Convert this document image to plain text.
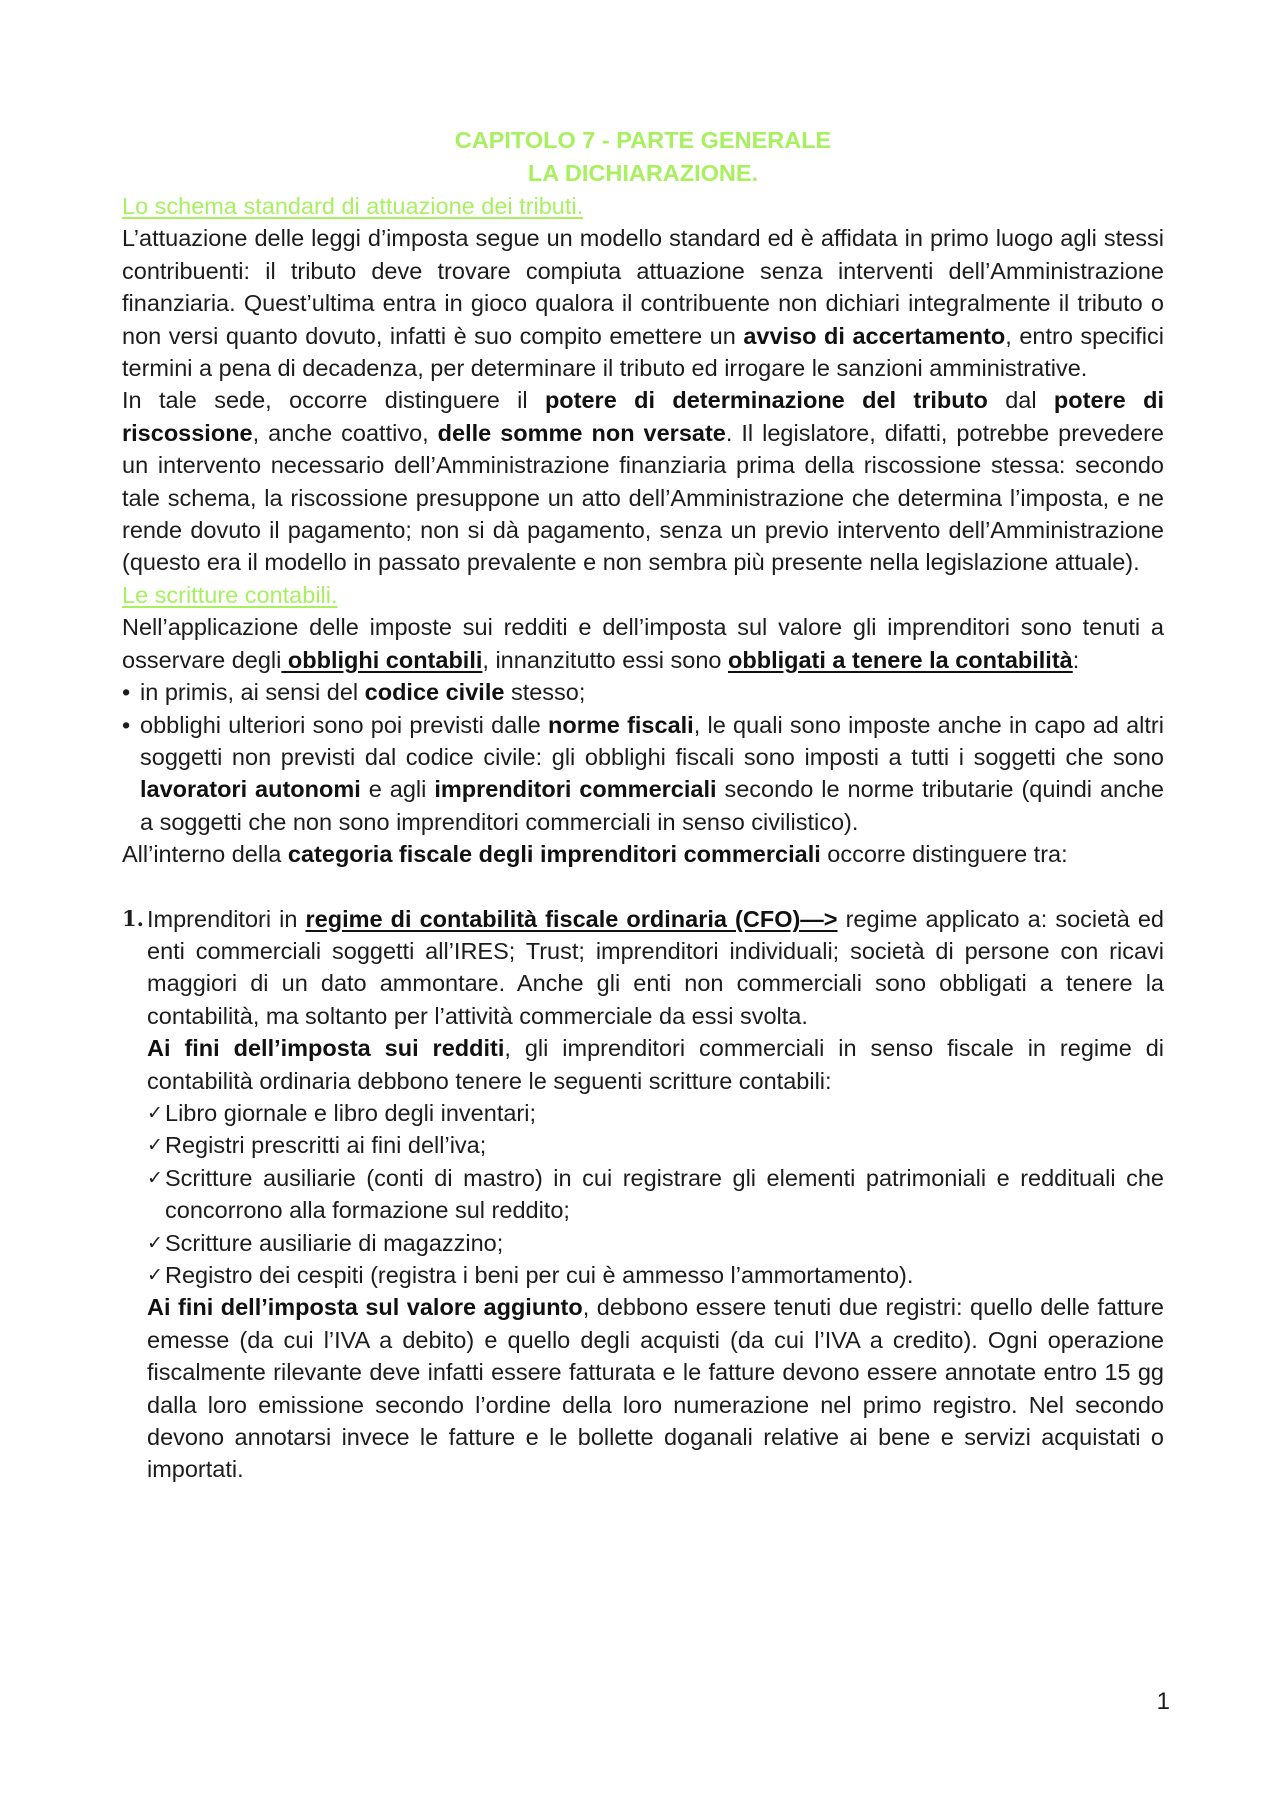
CAPITOLO 7 - PARTE GENERALE
LA DICHIARAZIONE.
Lo schema standard di attuazione dei tributi.

L’attuazione delle leggi d’imposta segue un modello standard ed è affidata in primo luogo agli stessi contribuenti: il tributo deve trovare compiuta attuazione senza interventi dell’Amministrazione finanziaria. Quest’ultima entra in gioco qualora il contribuente non dichiari integralmente il tributo o non versi quanto dovuto, infatti è suo compito emettere un avviso di accertamento, entro specifici termini a pena di decadenza, per determinare il tributo ed irrogare le sanzioni amministrative.

In tale sede, occorre distinguere il potere di determinazione del tributo dal potere di riscossione, anche coattivo, delle somme non versate. Il legislatore, difatti, potrebbe prevedere un intervento necessario dell’Amministrazione finanziaria prima della riscossione stessa: secondo tale schema, la riscossione presuppone un atto dell’Amministrazione che determina l’imposta, e ne rende dovuto il pagamento; non si dà pagamento, senza un previo intervento dell’Amministrazione (questo era il modello in passato prevalente e non sembra più presente nella legislazione attuale).

Le scritture contabili.

Nell’applicazione delle imposte sui redditi e dell’imposta sul valore gli imprenditori sono tenuti a osservare degli obblighi contabili, innanzitutto essi sono obbligati a tenere la contabilità:

• in primis, ai sensi del codice civile stesso;
• obblighi ulteriori sono poi previsti dalle norme fiscali, le quali sono imposte anche in capo ad altri soggetti non previsti dal codice civile: gli obblighi fiscali sono imposti a tutti i soggetti che sono lavoratori autonomi e agli imprenditori commerciali secondo le norme tributarie (quindi anche a soggetti che non sono imprenditori commerciali in senso civilistico).

All’interno della categoria fiscale degli imprenditori commerciali occorre distinguere tra:

1. Imprenditori in regime di contabilità fiscale ordinaria (CFO)—> regime applicato a: società ed enti commerciali soggetti all’IRES; Trust; imprenditori individuali; società di persone con ricavi maggiori di un dato ammontare. Anche gli enti non commerciali sono obbligati a tenere la contabilità, ma soltanto per l’attività commerciale da essi svolta.

Ai fini dell’imposta sui redditi, gli imprenditori commerciali in senso fiscale in regime di contabilità ordinaria debbono tenere le seguenti scritture contabili:

✓ Libro giornale e libro degli inventari;
✓ Registri prescritti ai fini dell’iva;
✓ Scritture ausiliarie (conti di mastro) in cui registrare gli elementi patrimoniali e reddituali che concorrono alla formazione sul reddito;
✓ Scritture ausiliarie di magazzino;
✓ Registro dei cespiti (registra i beni per cui è ammesso l’ammortamento).

Ai fini dell’imposta sul valore aggiunto, debbono essere tenuti due registri: quello delle fatture emesse (da cui l’IVA a debito) e quello degli acquisti (da cui l’IVA a credito). Ogni operazione fiscalmente rilevante deve infatti essere fatturata e le fatture devono essere annotate entro 15 gg dalla loro emissione secondo l’ordine della loro numerazione nel primo registro. Nel secondo devono annotarsi invece le fatture e le bollette doganali relative ai bene e servizi acquistati o importati.

1
